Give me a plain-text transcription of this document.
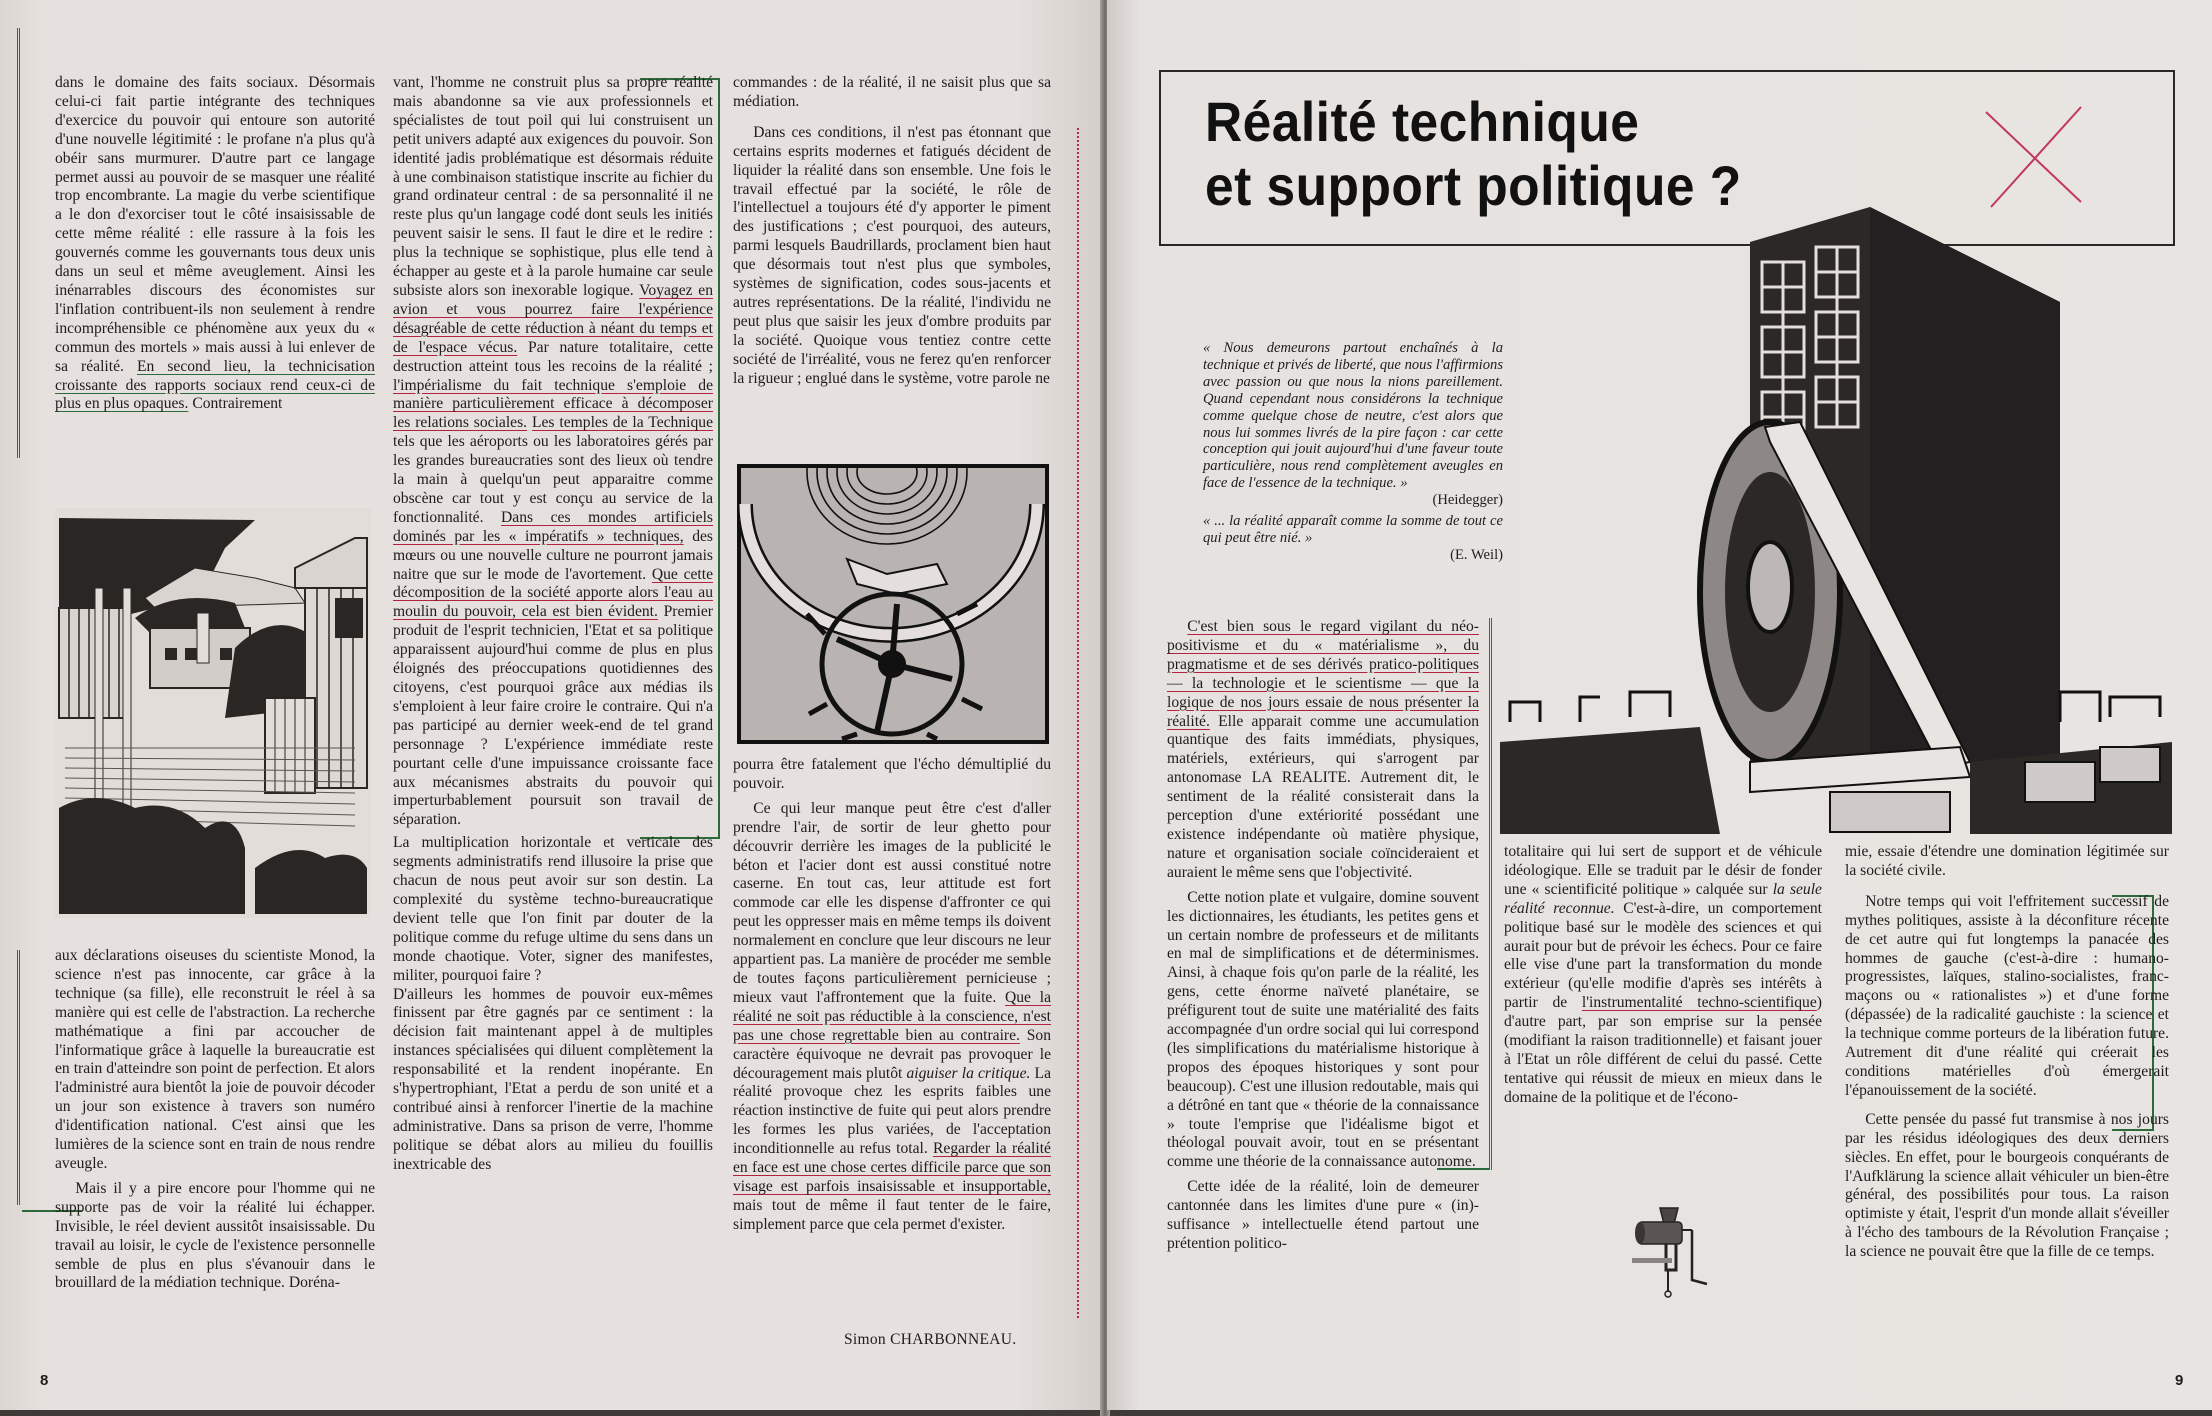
dans le domaine des faits sociaux. Désormais celui-ci fait partie intégrante des techniques d'exercice du pouvoir qui entoure son autorité d'une nouvelle légitimité : le profane n'a plus qu'à obéir sans murmurer. D'autre part ce langage permet aussi au pouvoir de se masquer une réalité trop encombrante. La magie du verbe scientifique a le don d'exorciser tout le côté insaisissable de cette même réalité : elle rassure à la fois les gouvernés comme les gouvernants tous deux unis dans un seul et même aveuglement. Ainsi les inénarrables discours des économistes sur l'inflation contribuent-ils non seulement à rendre incompréhensible ce phénomène aux yeux du « commun des mortels » mais aussi à lui enlever de sa réalité. En second lieu, la technicisation croissante des rapports sociaux rend ceux-ci de plus en plus opaques. Contrairement

aux déclarations oiseuses du scientiste Monod, la science n'est pas innocente, car grâce à la technique (sa fille), elle reconstruit le réel à sa manière qui est celle de l'abstraction. La recherche mathématique a fini par accoucher de l'informatique grâce à laquelle la bureaucratie est en train d'atteindre son point de perfection. Et alors l'administré aura bientôt la joie de pouvoir décoder un jour son existence à travers son numéro d'identification national. C'est ainsi que les lumières de la science sont en train de nous rendre aveugle.

Mais il y a pire encore pour l'homme qui ne supporte pas de voir la réalité lui échapper. Invisible, le réel devient aussitôt insaisissable. Du travail au loisir, le cycle de l'existence personnelle semble de plus en plus s'évanouir dans le brouillard de la médiation technique. Doréna-

vant, l'homme ne construit plus sa propre réalité mais abandonne sa vie aux professionnels et spécialistes de tout poil qui lui construisent un petit univers adapté aux exigences du pouvoir. Son identité jadis problématique est désormais réduite à une combinaison statistique inscrite au fichier du grand ordinateur central : de sa personnalité il ne reste plus qu'un langage codé dont seuls les initiés peuvent saisir le sens. Il faut le dire et le redire : plus la technique se sophistique, plus elle tend à échapper au geste et à la parole humaine car seule subsiste alors son inexorable logique. Voyagez en avion et vous pourrez faire l'expérience désagréable de cette réduction à néant du temps et de l'espace vécus. Par nature totalitaire, cette destruction atteint tous les recoins de la réalité ; l'impérialisme du fait technique s'emploie de manière particulièrement efficace à décomposer les relations sociales. Les temples de la Technique tels que les aéroports ou les laboratoires gérés par les grandes bureaucraties sont des lieux où tendre la main à quelqu'un peut apparaitre comme obscène car tout y est conçu au service de la fonctionnalité. Dans ces mondes artificiels dominés par les « impératifs » techniques, des mœurs ou une nouvelle culture ne pourront jamais naitre que sur le mode de l'avortement. Que cette décomposition de la société apporte alors l'eau au moulin du pouvoir, cela est bien évident. Premier produit de l'esprit technicien, l'Etat et sa politique apparaissent aujourd'hui comme de plus en plus éloignés des préoccupations quotidiennes des citoyens, c'est pourquoi grâce aux médias ils s'emploient à leur faire croire le contraire. Qui n'a pas participé au dernier week-end de tel grand personnage ? L'expérience immédiate reste pourtant celle d'une impuissance croissante face aux mécanismes abstraits du pouvoir qui imperturbablement poursuit son travail de séparation.

La multiplication horizontale et verticale des segments administratifs rend illusoire la prise que chacun de nous peut avoir sur son destin. La complexité du système techno-bureaucratique devient telle que l'on finit par douter de la politique comme du refuge ultime du sens dans un monde chaotique. Voter, signer des manifestes, militer, pourquoi faire ?

D'ailleurs les hommes de pouvoir eux-mêmes finissent par être gagnés par ce sentiment : la décision fait maintenant appel à de multiples instances spécialisées qui diluent complètement la responsabilité et la rendent inopérante. En s'hypertrophiant, l'Etat a perdu de son unité et a contribué ainsi à renforcer l'inertie de la machine administrative. Dans sa prison de verre, l'homme politique se débat alors au milieu du fouillis inextricable des

commandes : de la réalité, il ne saisit plus que sa médiation.

Dans ces conditions, il n'est pas étonnant que certains esprits modernes et fatigués décident de liquider la réalité dans son ensemble. Une fois le travail effectué par la société, le rôle de l'intellectuel a toujours été d'y apporter le piment des justifications ; c'est pourquoi, des auteurs, parmi lesquels Baudrillards, proclament bien haut que désormais tout n'est plus que symboles, systèmes de signification, codes sous-jacents et autres représentations. De la réalité, l'individu ne peut plus que saisir les jeux d'ombre produits par la société. Quoique vous tentiez contre cette société de l'irréalité, vous ne ferez qu'en renforcer la rigueur ; englué dans le système, votre parole ne

pourra être fatalement que l'écho démultiplié du pouvoir.

Ce qui leur manque peut être c'est d'aller prendre l'air, de sortir de leur ghetto pour découvrir derrière les images de la publicité le béton et l'acier dont est aussi constitué notre caserne. En tout cas, leur attitude est fort commode car elle les dispense d'affronter ce qui peut les oppresser mais en même temps ils doivent normalement en conclure que leur discours ne leur appartient pas. La manière de procéder me semble de toutes façons particulièrement pernicieuse ; mieux vaut l'affrontement que la fuite. Que la réalité ne soit pas réductible à la conscience, n'est pas une chose regrettable bien au contraire. Son caractère équivoque ne devrait pas provoquer le découragement mais plutôt aiguiser la critique. La réalité provoque chez les esprits faibles une réaction instinctive de fuite qui peut alors prendre les formes les plus variées, de l'acceptation inconditionnelle au refus total. Regarder la réalité en face est une chose certes difficile parce que son visage est parfois insaisissable et insupportable, mais tout de même il faut tenter de le faire, simplement parce que cela permet d'exister.

Simon CHARBONNEAU.
8
Réalité technique
et support politique ?
« Nous demeurons partout enchaînés à la technique et privés de liberté, que nous l'affirmions avec passion ou que nous la nions pareillement. Quand cependant nous considérons la technique comme quelque chose de neutre, c'est alors que nous lui sommes livrés de la pire façon : car cette conception qui jouit aujourd'hui d'une faveur toute particulière, nous rend complètement aveugles en face de l'essence de la technique. »
(Heidegger)
« ... la réalité apparaît comme la somme de tout ce qui peut être nié. »
(E. Weil)

C'est bien sous le regard vigilant du néo-positivisme et du « matérialisme », du pragmatisme et de ses dérivés pratico-politiques — la technologie et le scientisme — que la logique de nos jours essaie de nous présenter la réalité. Elle apparait comme une accumulation quantique des faits immédiats, physiques, matériels, extérieurs, qui s'arrogent par antonomase LA REALITE. Autrement dit, le sentiment de la réalité consisterait dans la perception d'une extériorité possédant une existence indépendante où matière physique, nature et organisation sociale coïncideraient et auraient le même sens que l'objectivité.

Cette notion plate et vulgaire, domine souvent les dictionnaires, les étudiants, les petites gens et un certain nombre de professeurs et de militants en mal de simplifications et de déterminismes. Ainsi, à chaque fois qu'on parle de la réalité, les gens, cette énorme naïveté planétaire, se préfigurent tout de suite une matérialité des faits accompagnée d'un ordre social qui lui correspond (les simplifications du matérialisme historique à propos des époques historiques y sont pour beaucoup). C'est une illusion redoutable, mais qui a détrôné en tant que « théorie de la connaissance » toute l'emprise que l'idéalisme bigot et théologal pouvait avoir, tout en se présentant comme une théorie de la connaissance autonome.

Cette idée de la réalité, loin de demeurer cantonnée dans les limites d'une pure « (in)-suffisance » intellectuelle étend partout une prétention politico-

totalitaire qui lui sert de support et de véhicule idéologique. Elle se traduit par le désir de fonder une « scientificité politique » calquée sur la seule réalité reconnue. C'est-à-dire, un comportement politique basé sur le modèle des sciences et qui aurait pour but de prévoir les échecs. Pour ce faire elle vise d'une part la transformation du monde extérieur (qu'elle modifie d'après ses intérêts à partir de l'instrumentalité techno-scientifique) d'autre part, par son emprise sur la pensée (modifiant la raison traditionnelle) et faisant jouer à l'Etat un rôle différent de celui du passé. Cette tentative qui réussit de mieux en mieux dans le domaine de la politique et de l'écono-

mie, essaie d'étendre une domination légitimée sur la société civile.

Notre temps qui voit l'effritement successif de mythes politiques, assiste à la déconfiture récente de cet autre qui fut longtemps la panacée des hommes de gauche (c'est-à-dire : humano-progressistes, laïques, stalino-socialistes, franc-maçons ou « rationalistes ») et d'une forme (dépassée) de la radicalité gauchiste : la science et la technique comme porteurs de la libération future. Autrement dit d'une réalité qui créerait les conditions matérielles d'où émergerait l'épanouissement de la société.

Cette pensée du passé fut transmise à nos jours par les résidus idéologiques des deux derniers siècles. En effet, pour le bourgeois conquérants de l'Aufklärung la science allait véhiculer un bien-être général, des possibilités pour tous. La raison optimiste y était, l'esprit d'un monde allait s'éveiller à l'écho des tambours de la Révolution Française ; la science ne pouvait être que la fille de ce temps.

9
